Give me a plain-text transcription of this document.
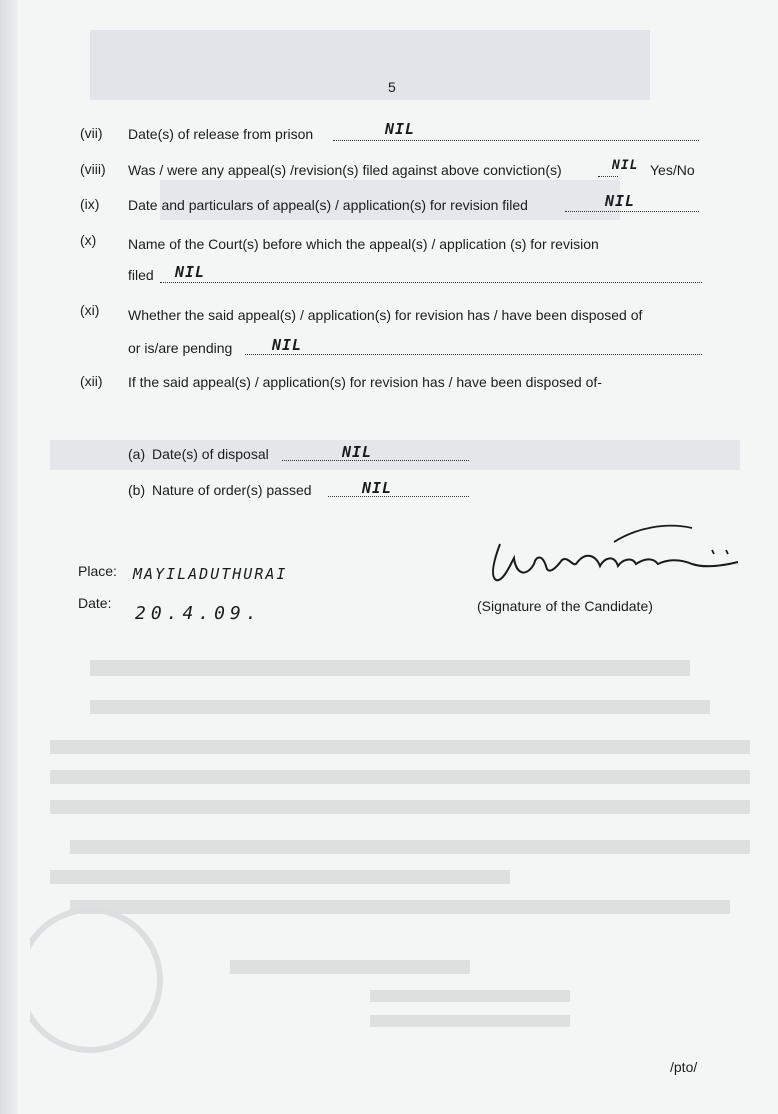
5
(vii) Date(s) of release from prison	NIL
(viii) Was / were any appeal(s) /revision(s) filed against above conviction(s)	NIL Yes/No
(ix) Date and particulars of appeal(s) / application(s) for revision filed	NIL
(x) Name of the Court(s) before which the appeal(s) / application (s) for revision
filed NIL
(xi) Whether the said appeal(s) / application(s) for revision has / have been disposed of
or is/are pending	NIL
(xii) If the said appeal(s) / application(s) for revision has / have been disposed of-
(a) Date(s) of disposal	NIL
(b) Nature of order(s) passed	NIL
Place: MAYILADUTHURAI
Date: 20.4.09.	(Signature of the Candidate)
/pto/
